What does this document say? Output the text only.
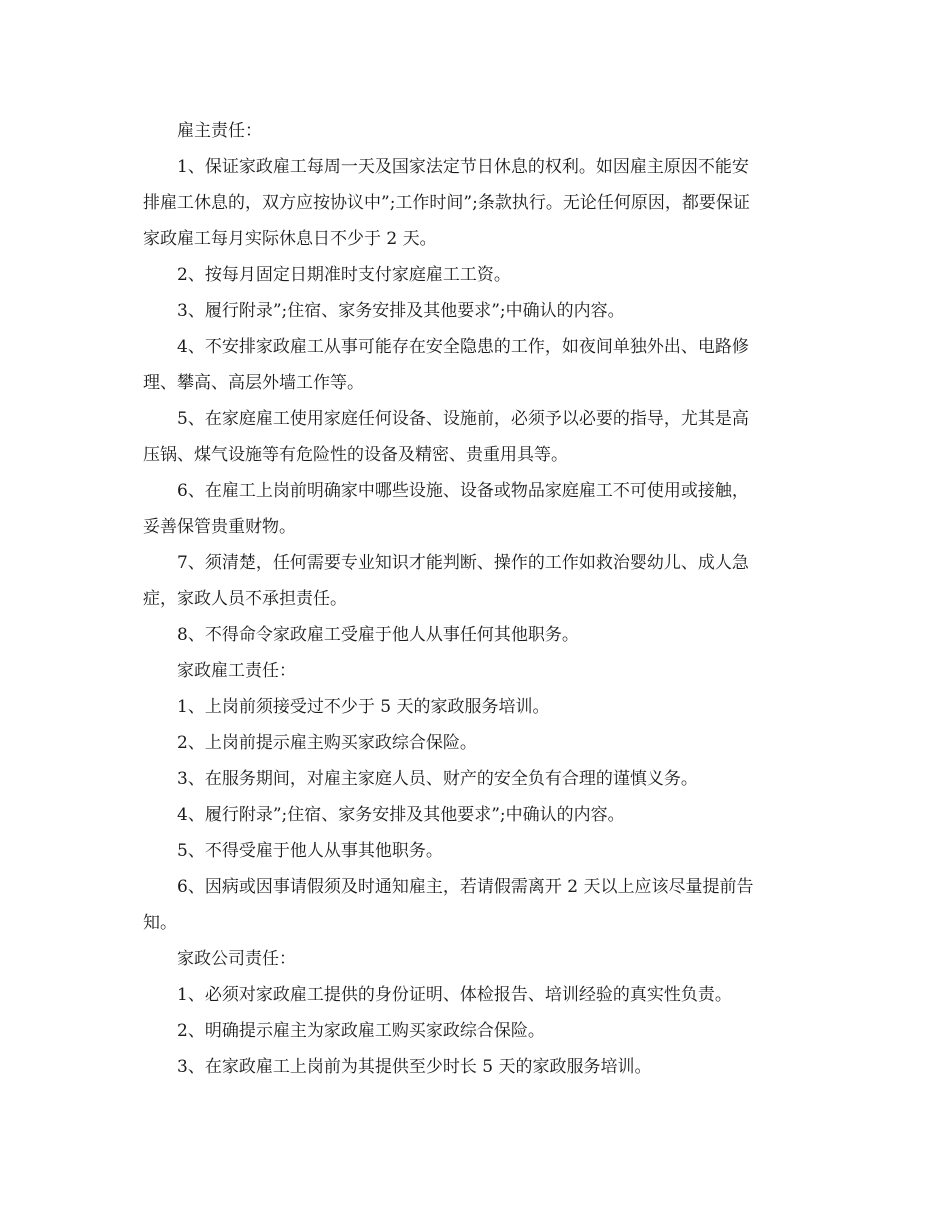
雇主责任：
1、保证家政雇工每周一天及国家法定节日休息的权利。如因雇主原因不能安
排雇工休息的，双方应按协议中”;工作时间”;条款执行。无论任何原因，都要保证
家政雇工每月实际休息日不少于 2 天。
2、按每月固定日期准时支付家庭雇工工资。
3、履行附录”;住宿、家务安排及其他要求”;中确认的内容。
4、不安排家政雇工从事可能存在安全隐患的工作，如夜间单独外出、电路修
理、攀高、高层外墙工作等。
5、在家庭雇工使用家庭任何设备、设施前，必须予以必要的指导，尤其是高
压锅、煤气设施等有危险性的设备及精密、贵重用具等。
6、在雇工上岗前明确家中哪些设施、设备或物品家庭雇工不可使用或接触，
妥善保管贵重财物。
7、须清楚，任何需要专业知识才能判断、操作的工作如救治婴幼儿、成人急
症，家政人员不承担责任。
8、不得命令家政雇工受雇于他人从事任何其他职务。
家政雇工责任：
1、上岗前须接受过不少于 5 天的家政服务培训。
2、上岗前提示雇主购买家政综合保险。
3、在服务期间，对雇主家庭人员、财产的安全负有合理的谨慎义务。
4、履行附录”;住宿、家务安排及其他要求”;中确认的内容。
5、不得受雇于他人从事其他职务。
6、因病或因事请假须及时通知雇主，若请假需离开 2 天以上应该尽量提前告
知。
家政公司责任：
1、必须对家政雇工提供的身份证明、体检报告、培训经验的真实性负责。
2、明确提示雇主为家政雇工购买家政综合保险。
3、在家政雇工上岗前为其提供至少时长 5 天的家政服务培训。
